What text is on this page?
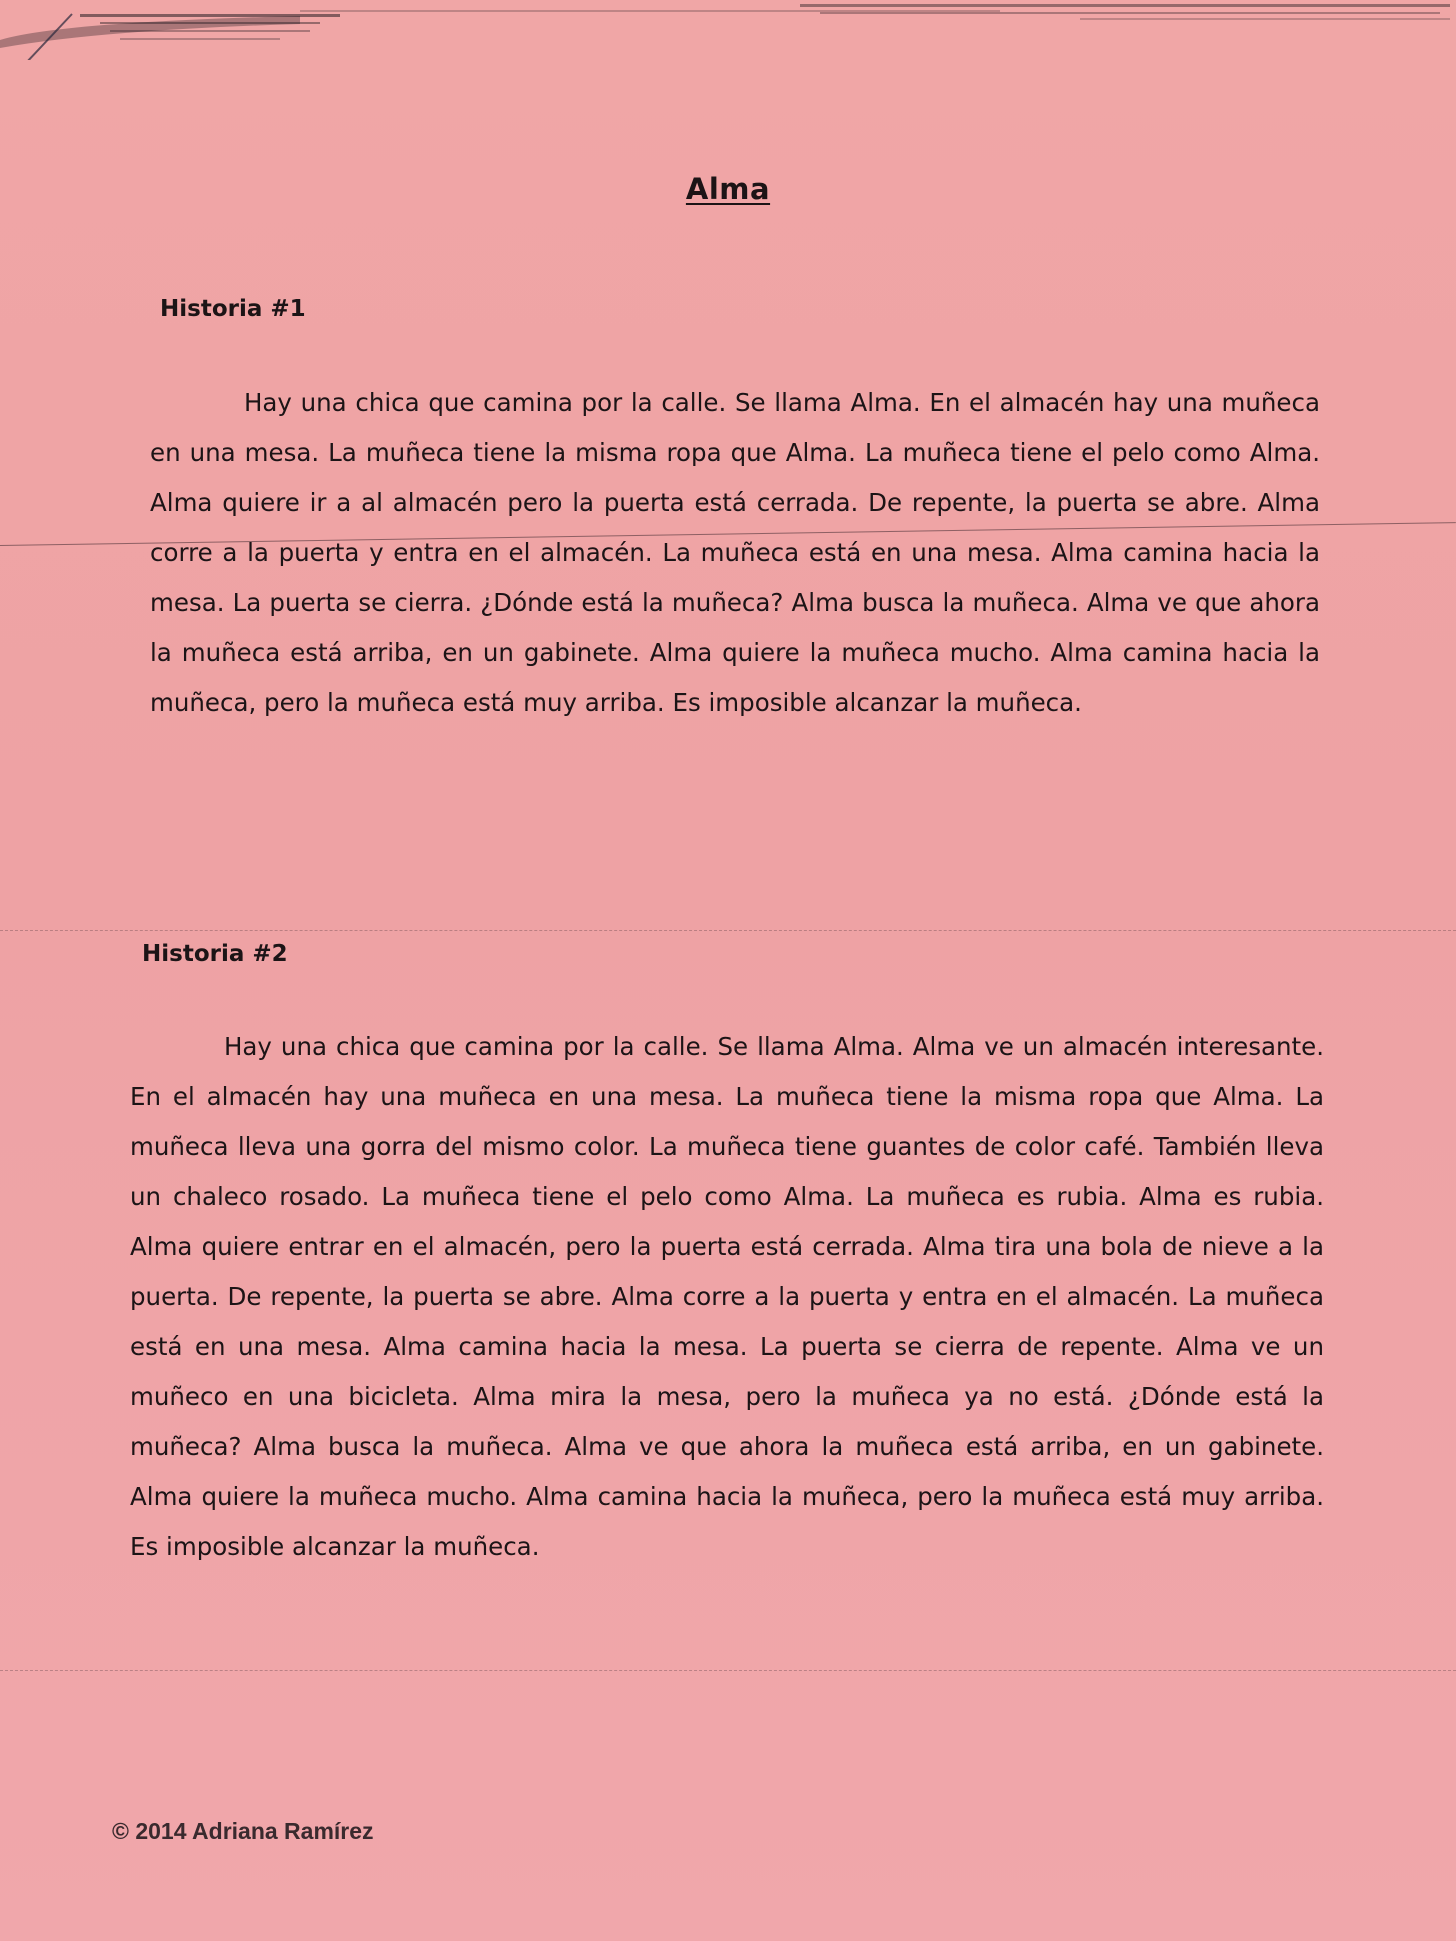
Alma
Historia #1

Hay una chica que camina por la calle. Se llama Alma. En el almacén hay una muñeca en una mesa. La muñeca tiene la misma ropa que Alma. La muñeca tiene el pelo como Alma. Alma quiere ir a al almacén pero la puerta está cerrada. De repente, la puerta se abre. Alma corre a la puerta y entra en el almacén. La muñeca está en una mesa. Alma camina hacia la mesa. La puerta se cierra. ¿Dónde está la muñeca? Alma busca la muñeca. Alma ve que ahora la muñeca está arriba, en un gabinete. Alma quiere la muñeca mucho. Alma camina hacia la muñeca, pero la muñeca está muy arriba. Es imposible alcanzar la muñeca.

Historia #2

Hay una chica que camina por la calle. Se llama Alma. Alma ve un almacén interesante. En el almacén hay una muñeca en una mesa. La muñeca tiene la misma ropa que Alma. La muñeca lleva una gorra del mismo color. La muñeca tiene guantes de color café. También lleva un chaleco rosado. La muñeca tiene el pelo como Alma. La muñeca es rubia. Alma es rubia. Alma quiere entrar en el almacén, pero la puerta está cerrada. Alma tira una bola de nieve a la puerta. De repente, la puerta se abre. Alma corre a la puerta y entra en el almacén. La muñeca está en una mesa. Alma camina hacia la mesa. La puerta se cierra de repente. Alma ve un muñeco en una bicicleta. Alma mira la mesa, pero la muñeca ya no está. ¿Dónde está la muñeca? Alma busca la muñeca. Alma ve que ahora la muñeca está arriba, en un gabinete. Alma quiere la muñeca mucho. Alma camina hacia la muñeca, pero la muñeca está muy arriba. Es imposible alcanzar la muñeca.

© 2014 Adriana Ramírez
